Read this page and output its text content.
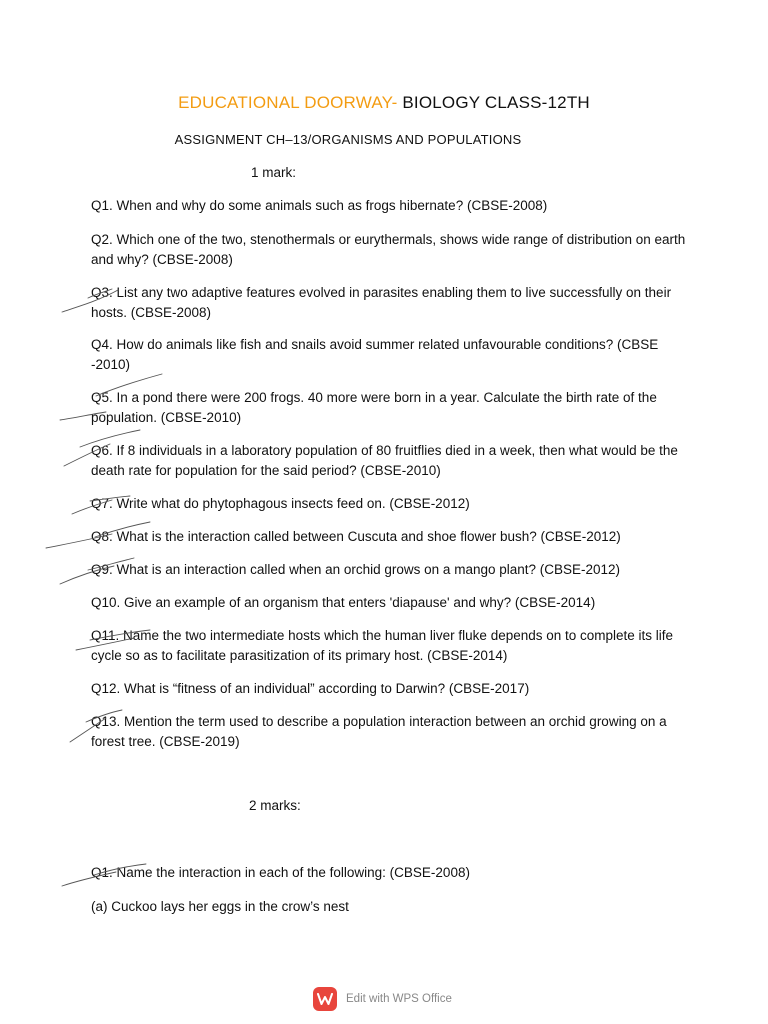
EDUCATIONAL DOORWAY- BIOLOGY CLASS-12TH
ASSIGNMENT CH–13/ORGANISMS AND POPULATIONS
1 mark:
Q1. When and why do some animals such as frogs hibernate? (CBSE-2008)
Q2. Which one of the two, stenothermals or eurythermals, shows wide range of distribution on earth and why? (CBSE-2008)
Q3. List any two adaptive features evolved in parasites enabling them to live successfully on their hosts. (CBSE-2008)
Q4. How do animals like fish and snails avoid summer related unfavourable conditions? (CBSE -2010)
Q5. In a pond there were 200 frogs. 40 more were born in a year. Calculate the birth rate of the population. (CBSE-2010)
Q6. If 8 individuals in a laboratory population of 80 fruitflies died in a week, then what would be the death rate for population for the said period? (CBSE-2010)
Q7. Write what do phytophagous insects feed on. (CBSE-2012)
Q8. What is the interaction called between Cuscuta and shoe flower bush? (CBSE-2012)
Q9. What is an interaction called when an orchid grows on a mango plant? (CBSE-2012)
Q10. Give an example of an organism that enters 'diapause' and why? (CBSE-2014)
Q11. Name the two intermediate hosts which the human liver fluke depends on to complete its life cycle so as to facilitate parasitization of its primary host. (CBSE-2014)
Q12. What is “fitness of an individual” according to Darwin? (CBSE-2017)
Q13. Mention the term used to describe a population interaction between an orchid growing on a forest tree. (CBSE-2019)
2 marks:
Q1. Name the interaction in each of the following: (CBSE-2008)
(a) Cuckoo lays her eggs in the crow’s nest
Edit with WPS Office
